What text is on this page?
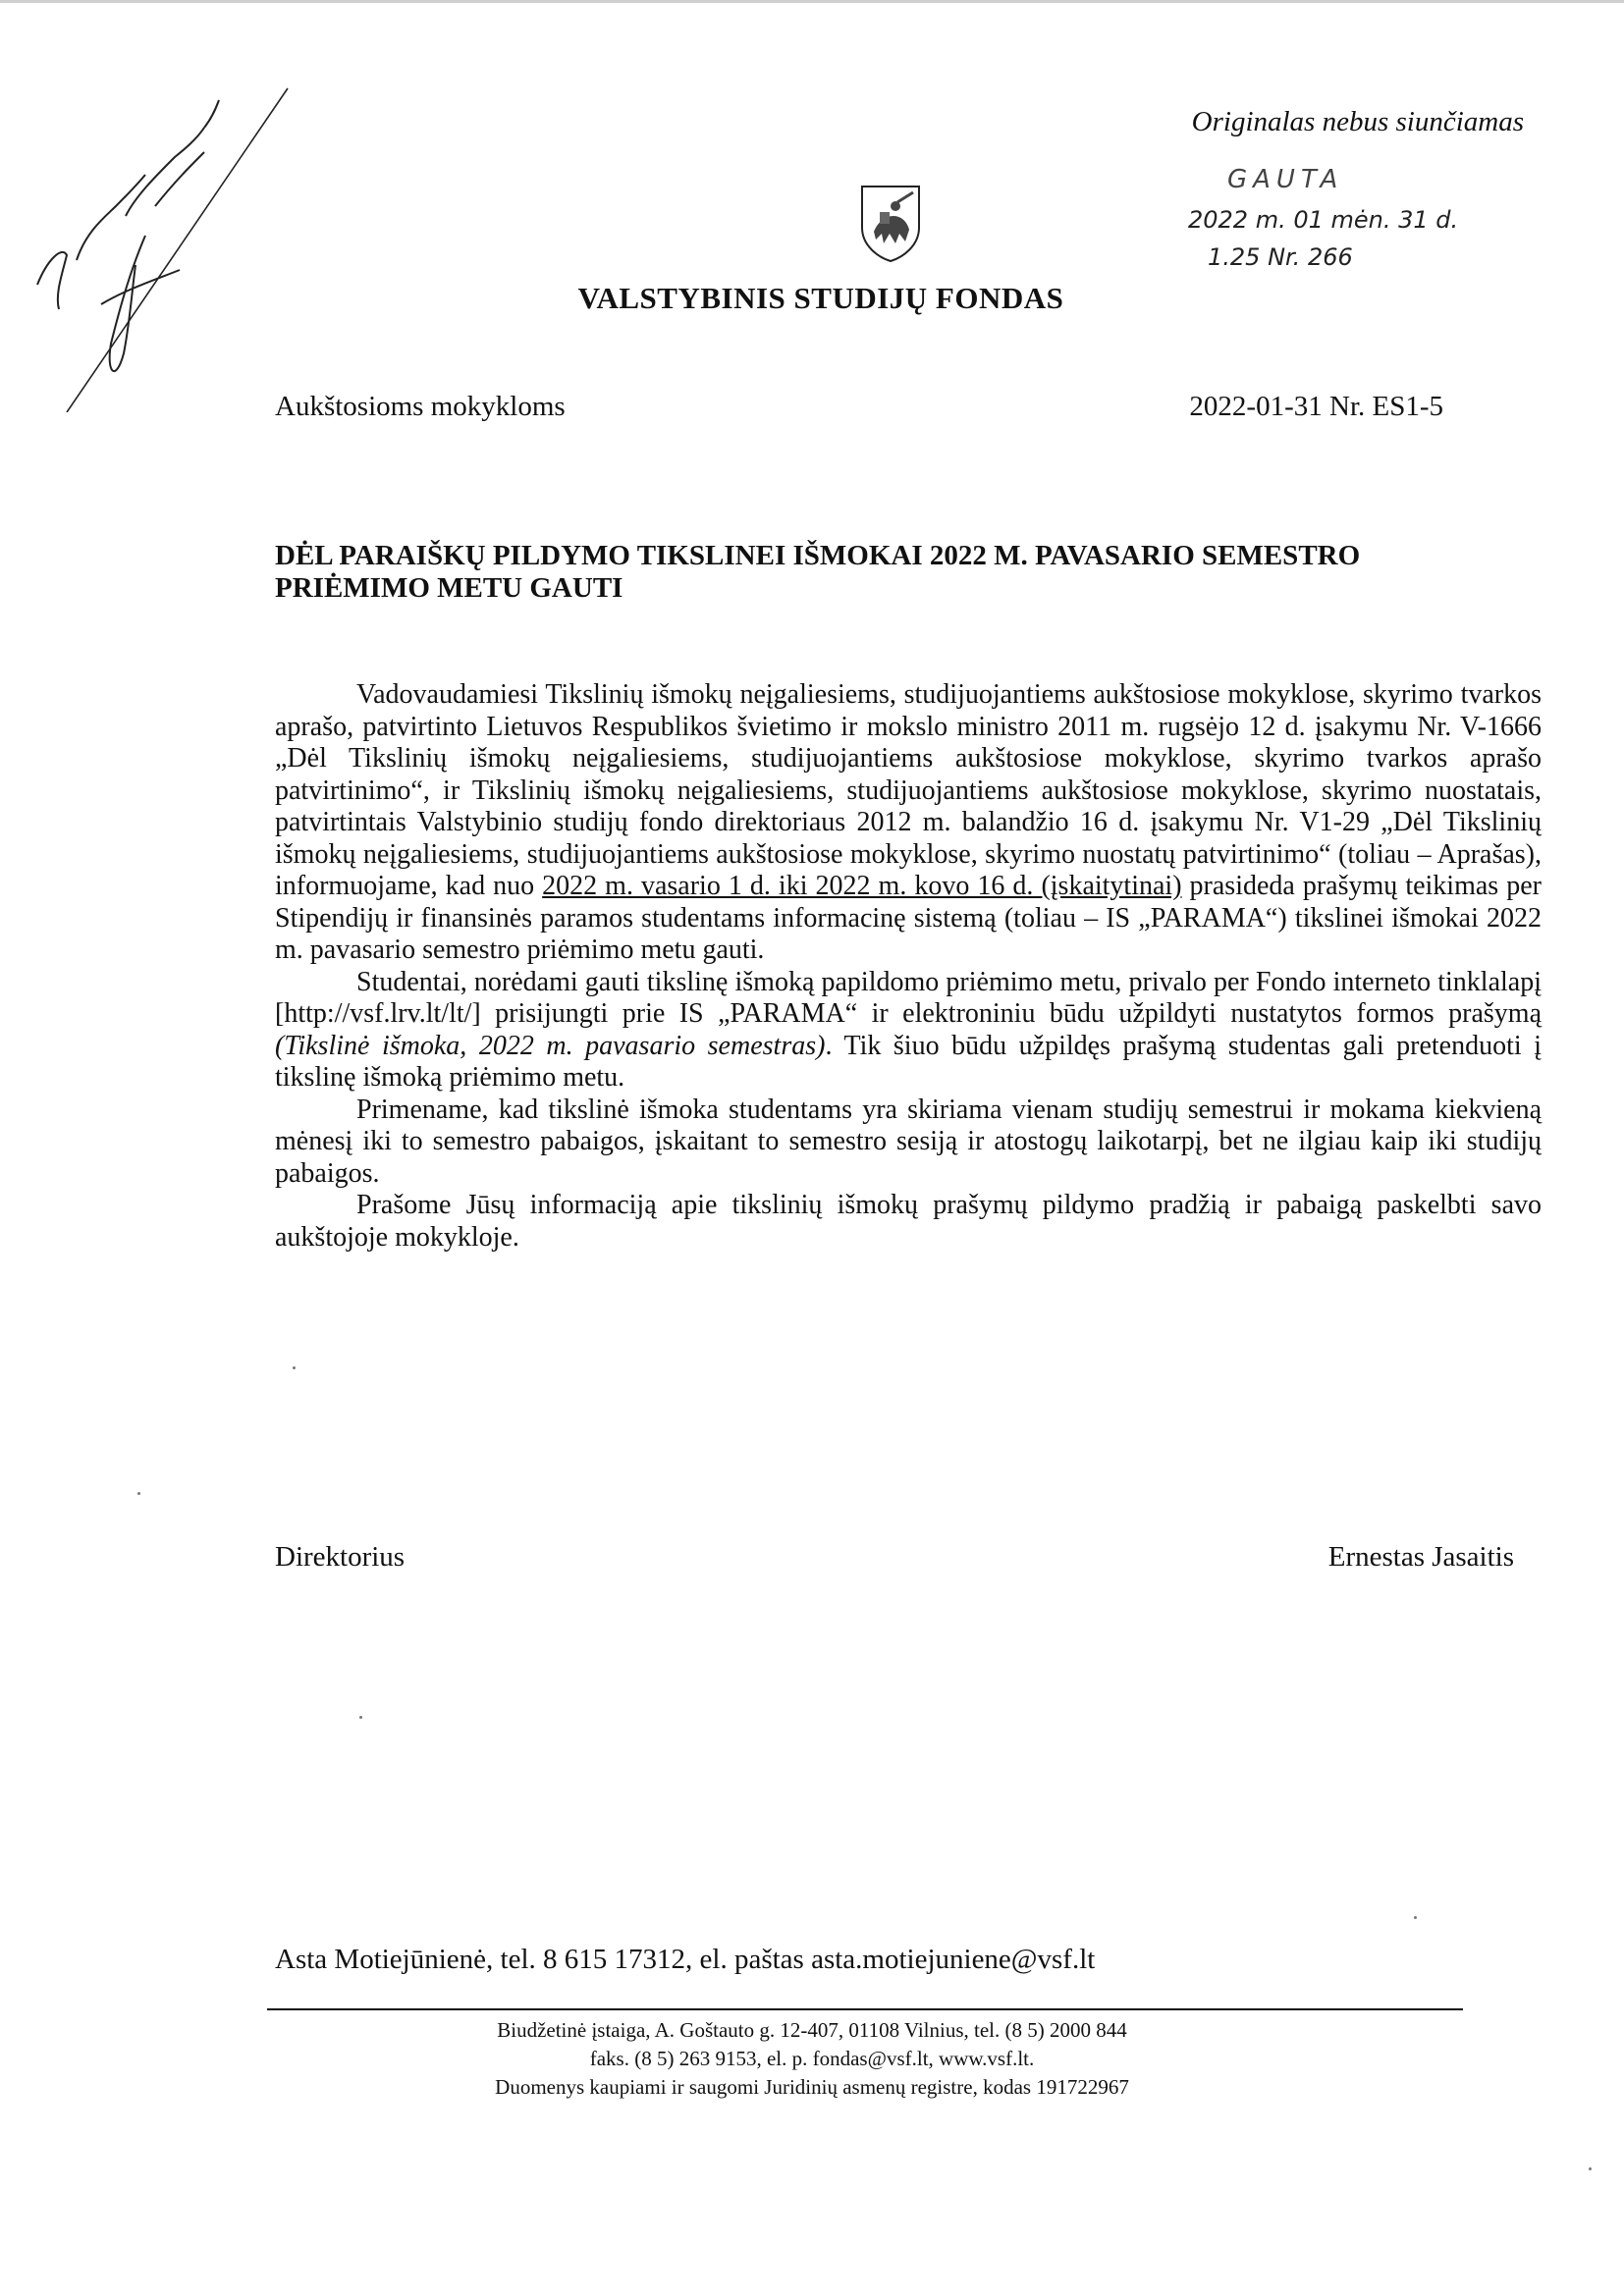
Originalas nebus siunčiamas
VALSTYBINIS STUDIJŲ FONDAS
GAUTA
2022 m. 01 mėn. 31 d.
1.25 Nr. 266
Aukštosioms mokykloms	2022-01-31 Nr. ES1-5

DĖL PARAIŠKŲ PILDYMO TIKSLINEI IŠMOKAI 2022 M. PAVASARIO SEMESTRO

PRIĖMIMO METU GAUTI

Vadovaudamiesi Tikslinių išmokų neįgaliesiems, studijuojantiems aukštosiose mokyklose, skyrimo tvarkos aprašo, patvirtinto Lietuvos Respublikos švietimo ir mokslo ministro 2011 m. rugsėjo 12 d. įsakymu Nr. V-1666 „Dėl Tikslinių išmokų neįgaliesiems, studijuojantiems aukštosiose mokyklose, skyrimo tvarkos aprašo patvirtinimo“, ir Tikslinių išmokų neįgaliesiems, studijuojantiems aukštosiose mokyklose, skyrimo nuostatais, patvirtintais Valstybinio studijų fondo direktoriaus 2012 m. balandžio 16 d. įsakymu Nr. V1-29 „Dėl Tikslinių išmokų neįgaliesiems, studijuojantiems aukštosiose mokyklose, skyrimo nuostatų patvirtinimo“ (toliau – Aprašas), informuojame, kad nuo 2022 m. vasario 1 d. iki 2022 m. kovo 16 d. (įskaitytinai) prasideda prašymų teikimas per Stipendijų ir finansinės paramos studentams informacinę sistemą (toliau – IS „PARAMA“) tikslinei išmokai 2022 m. pavasario semestro priėmimo metu gauti.

Studentai, norėdami gauti tikslinę išmoką papildomo priėmimo metu, privalo per Fondo interneto tinklalapį [http://vsf.lrv.lt/lt/] prisijungti prie IS „PARAMA“ ir elektroniniu būdu užpildyti nustatytos formos prašymą (Tikslinė išmoka, 2022 m. pavasario semestras). Tik šiuo būdu užpildęs prašymą studentas gali pretenduoti į tikslinę išmoką priėmimo metu.

Primename, kad tikslinė išmoka studentams yra skiriama vienam studijų semestrui ir mokama kiekvieną mėnesį iki to semestro pabaigos, įskaitant to semestro sesiją ir atostogų laikotarpį, bet ne ilgiau kaip iki studijų pabaigos.

Prašome Jūsų informaciją apie tikslinių išmokų prašymų pildymo pradžią ir pabaigą paskelbti savo aukštojoje mokykloje.

Direktorius	Ernestas Jasaitis
Asta Motiejūnienė, tel. 8 615 17312, el. paštas asta.motiejuniene@vsf.lt
Biudžetinė įstaiga, A. Goštauto g. 12-407, 01108 Vilnius, tel. (8 5) 2000 844
faks. (8 5) 263 9153, el. p. fondas@vsf.lt, www.vsf.lt.
Duomenys kaupiami ir saugomi Juridinių asmenų registre, kodas 191722967
